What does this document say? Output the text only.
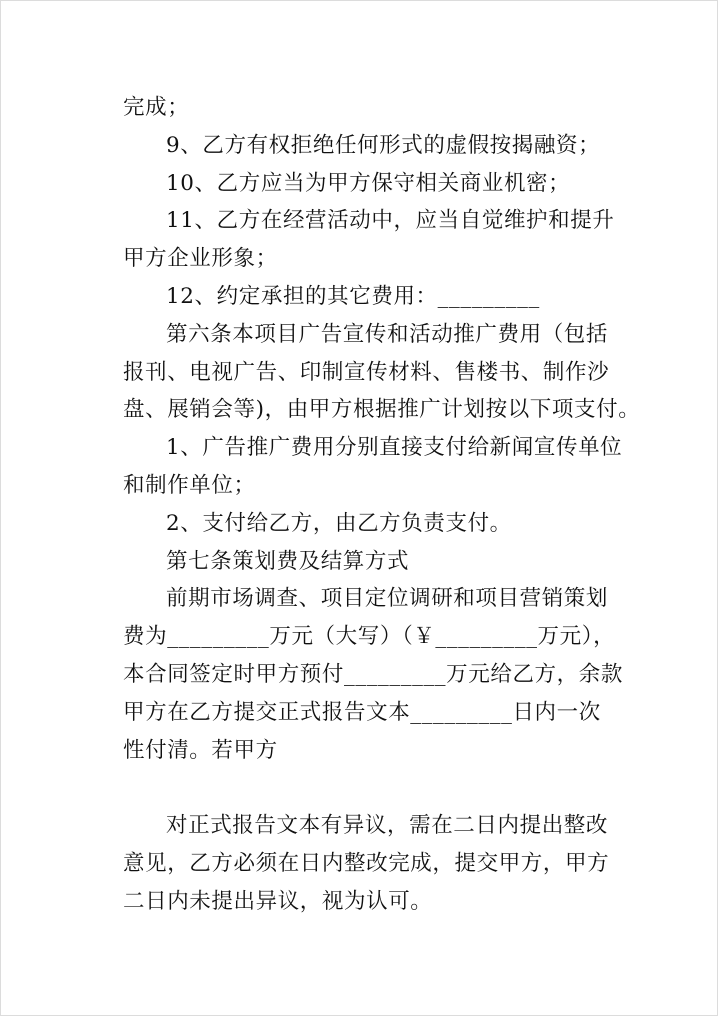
完成；
9、乙方有权拒绝任何形式的虚假按揭融资；
10、乙方应当为甲方保守相关商业机密；
11、乙方在经营活动中，应当自觉维护和提升
甲方企业形象；
12、约定承担的其它费用：_________
第六条本项目广告宣传和活动推广费用（包括
报刊、电视广告、印制宣传材料、售楼书、制作沙
盘、展销会等)，由甲方根据推广计划按以下项支付。
1、广告推广费用分别直接支付给新闻宣传单位
和制作单位；
2、支付给乙方，由乙方负责支付。
第七条策划费及结算方式
前期市场调查、项目定位调研和项目营销策划
费为_________万元（大写）（￥_________万元），
本合同签定时甲方预付_________万元给乙方，余款
甲方在乙方提交正式报告文本_________日内一次
性付清。若甲方
对正式报告文本有异议，需在二日内提出整改
意见，乙方必须在日内整改完成，提交甲方，甲方
二日内未提出异议，视为认可。
